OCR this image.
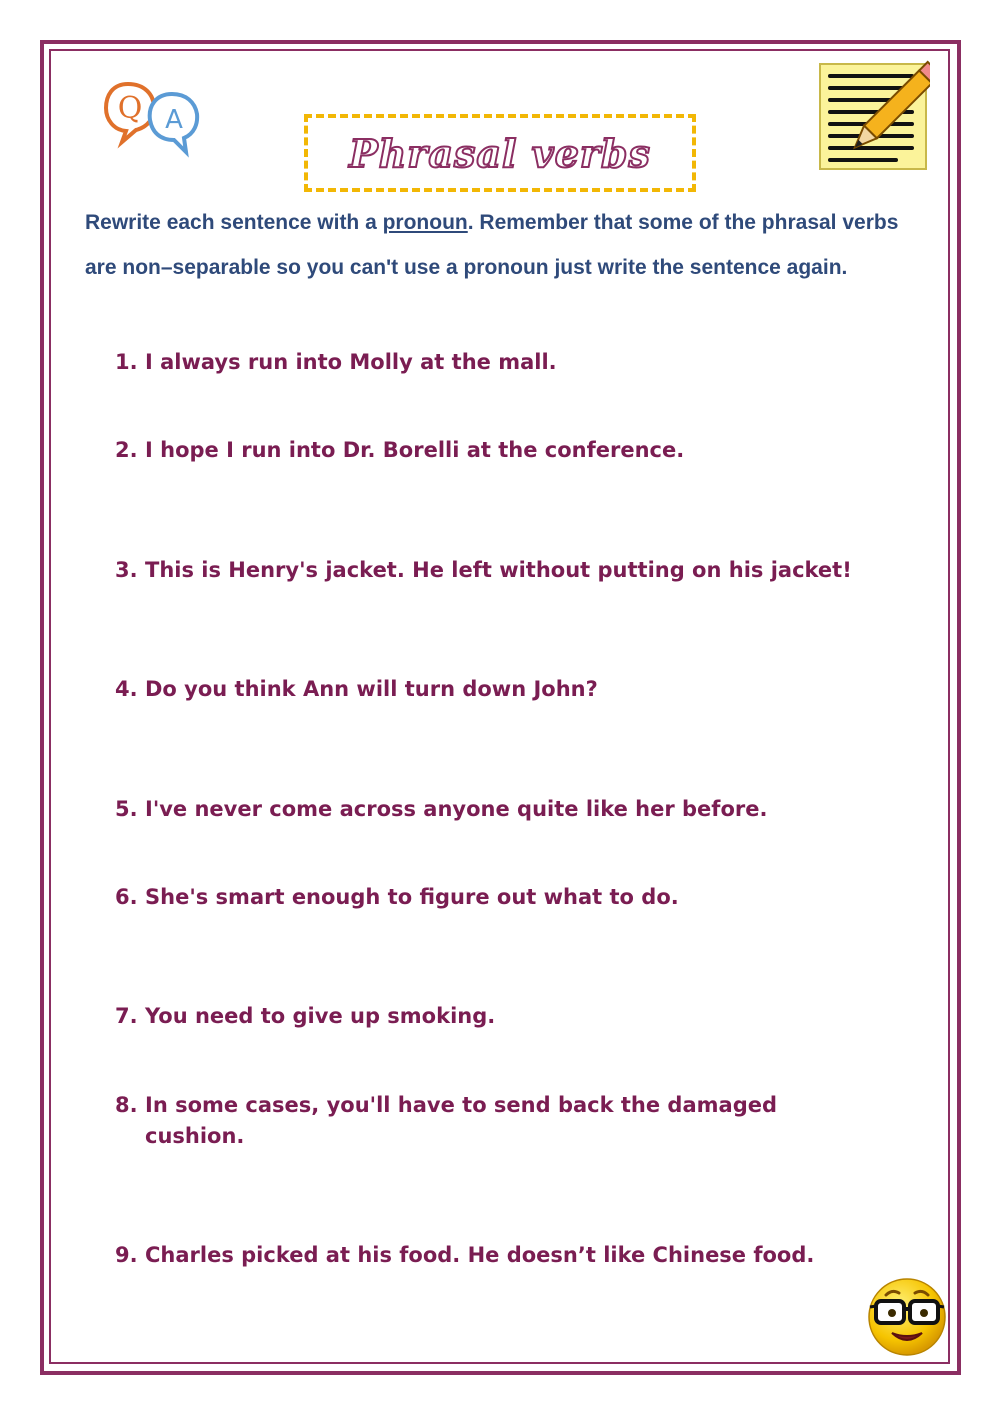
Q A
Phrasal verbs
Rewrite each sentence with a pronoun. Remember that some of the phrasal verbs are non–separable so you can't use a pronoun just write the sentence again.
1. I always run into Molly at the mall.
2. I hope I run into Dr. Borelli at the conference.
3. This is Henry's jacket. He left without putting on his jacket!
4. Do you think Ann will turn down John?
5. I've never come across anyone quite like her before.
6. She's smart enough to figure out what to do.
7. You need to give up smoking.
8. In some cases, you'll have to send back the damaged cushion.
9. Charles picked at his food. He doesn’t like Chinese food.
